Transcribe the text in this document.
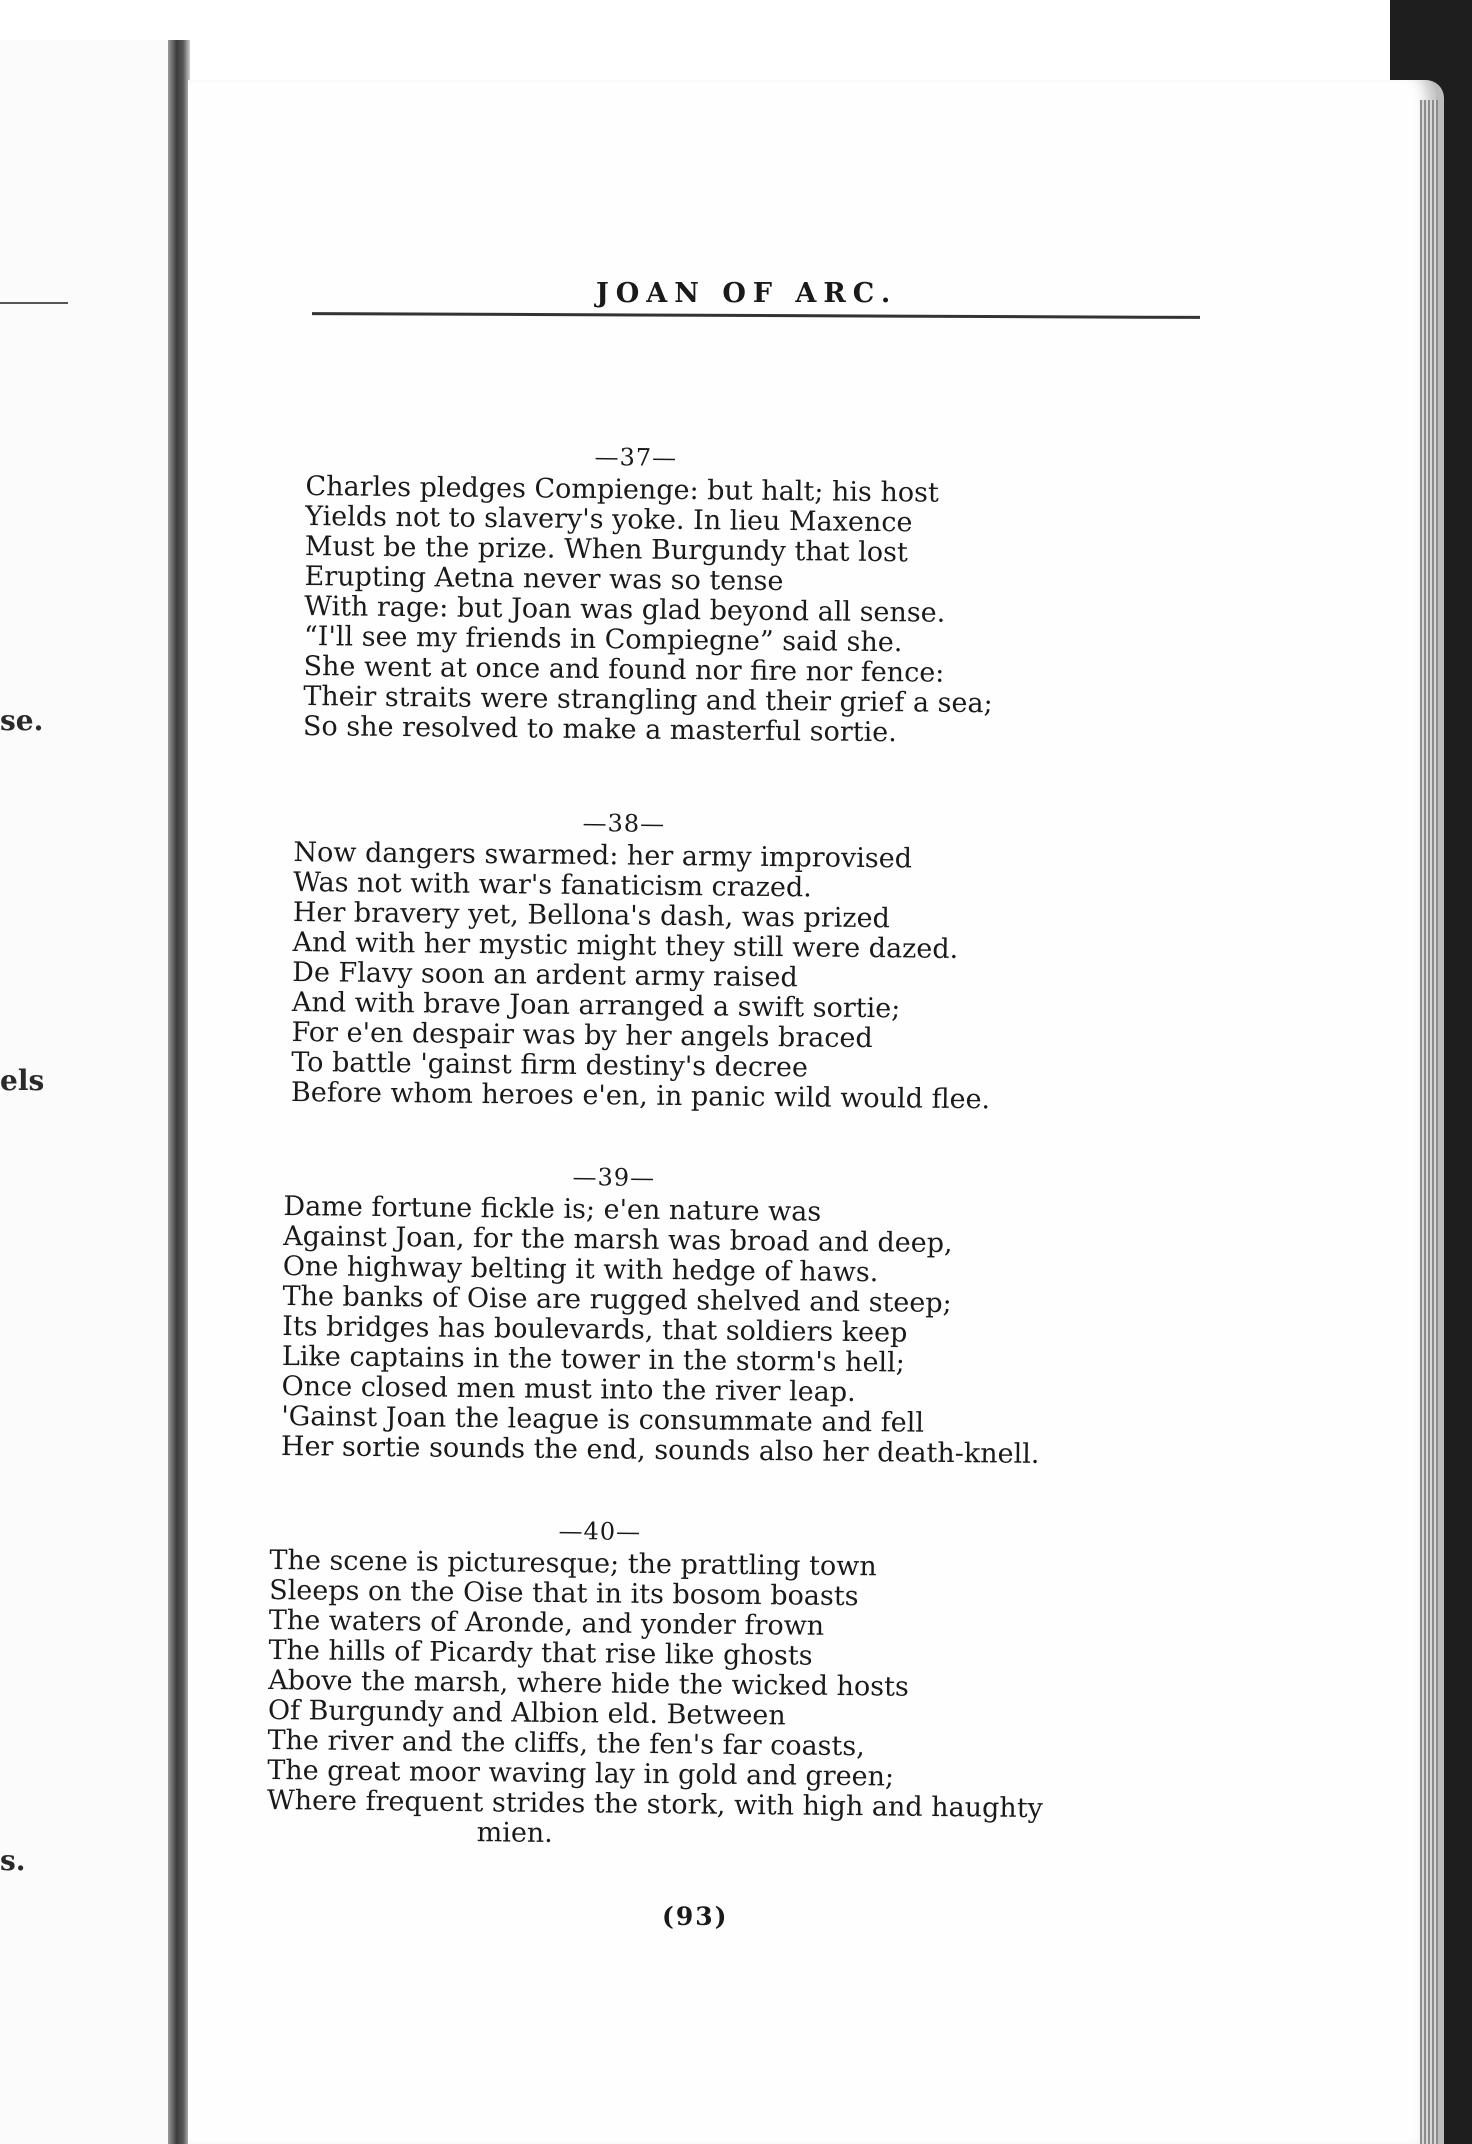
se.
els
s.
JOAN OF ARC.
—37—
Charles pledges Compienge: but halt; his host
Yields not to slavery's yoke. In lieu Maxence
Must be the prize. When Burgundy that lost
Erupting Aetna never was so tense
With rage: but Joan was glad beyond all sense.
“I'll see my friends in Compiegne” said she.
She went at once and found nor fire nor fence:
Their straits were strangling and their grief a sea;
So she resolved to make a masterful sortie.
—38—
Now dangers swarmed: her army improvised
Was not with war's fanaticism crazed.
Her bravery yet, Bellona's dash, was prized
And with her mystic might they still were dazed.
De Flavy soon an ardent army raised
And with brave Joan arranged a swift sortie;
For e'en despair was by her angels braced
To battle 'gainst firm destiny's decree
Before whom heroes e'en, in panic wild would flee.
—39—
Dame fortune fickle is; e'en nature was
Against Joan, for the marsh was broad and deep,
One highway belting it with hedge of haws.
The banks of Oise are rugged shelved and steep;
Its bridges has boulevards, that soldiers keep
Like captains in the tower in the storm's hell;
Once closed men must into the river leap.
'Gainst Joan the league is consummate and fell
Her sortie sounds the end, sounds also her death-knell.
—40—
The scene is picturesque; the prattling town
Sleeps on the Oise that in its bosom boasts
The waters of Aronde, and yonder frown
The hills of Picardy that rise like ghosts
Above the marsh, where hide the wicked hosts
Of Burgundy and Albion eld. Between
The river and the cliffs, the fen's far coasts,
The great moor waving lay in gold and green;
Where frequent strides the stork, with high and haughty
mien.
(93)
